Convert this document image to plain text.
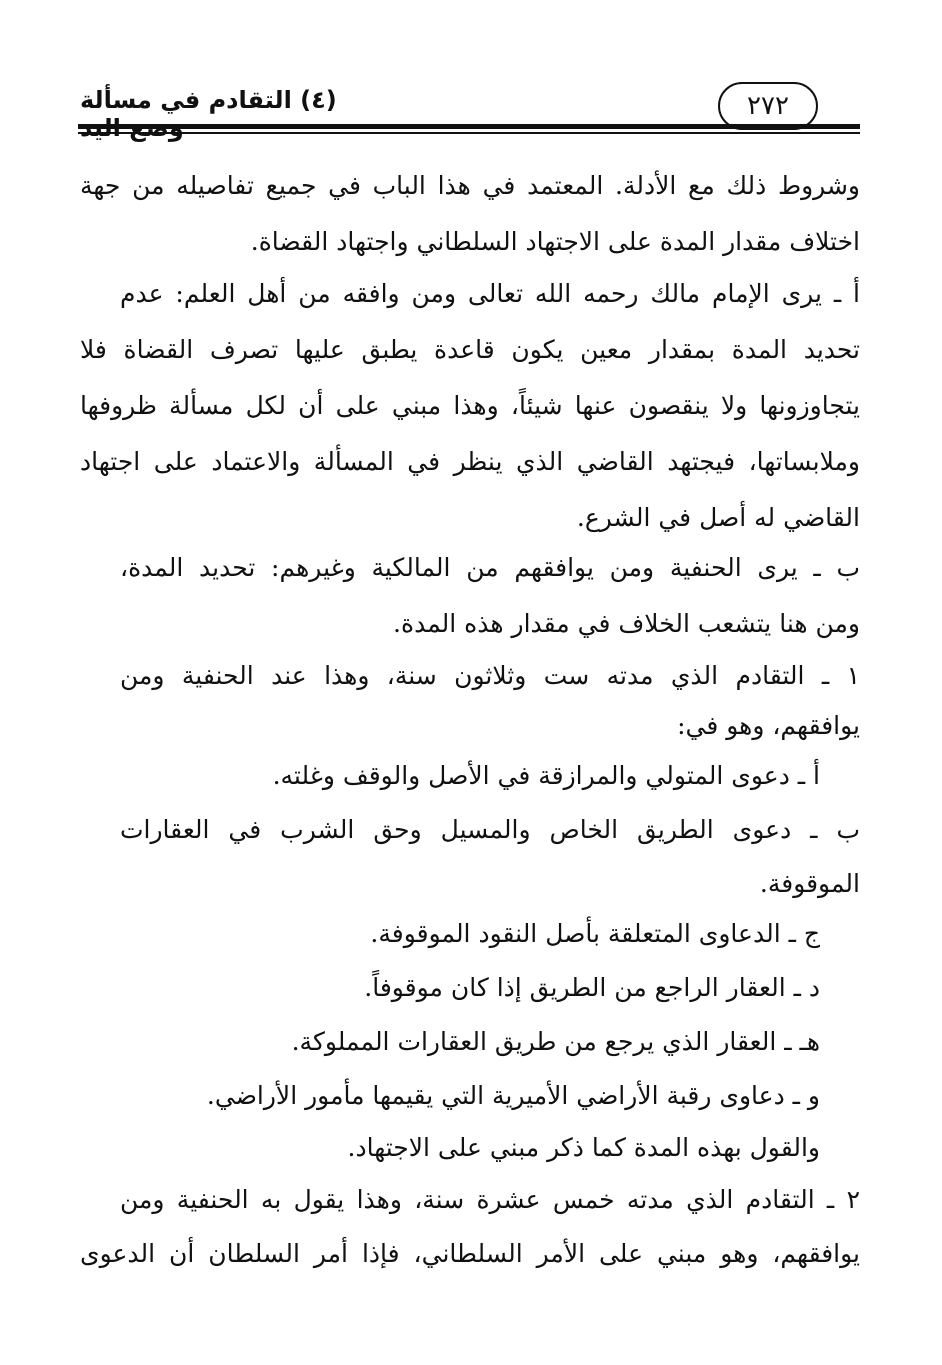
(٤) التقادم في مسألة	٢٧٢
وشروط ذلك مع الأدلة. المعتمد في هذا الباب في جميع تفاصيله من جهة
اختلاف مقدار المدة على الاجتهاد السلطاني واجتهاد القضاة.
أ ـ يرى الإمام مالك رحمه الله تعالى ومن وافقه من أهل العلم: عدم
تحديد المدة بمقدار معين يكون قاعدة يطبق عليها تصرف القضاة فلا
يتجاوزونها ولا ينقصون عنها شيئاً، وهذا مبني على أن لكل مسألة ظروفها
وملابساتها، فيجتهد القاضي الذي ينظر في المسألة والاعتماد على اجتهاد
القاضي له أصل في الشرع.
ب ـ يرى الحنفية ومن يوافقهم من المالكية وغيرهم: تحديد المدة،
ومن هنا يتشعب الخلاف في مقدار هذه المدة.
١ ـ التقادم الذي مدته ست وثلاثون سنة، وهذا عند الحنفية ومن
يوافقهم، وهو في:
أ ـ دعوى المتولي والمرازقة في الأصل والوقف وغلته.
ب ـ دعوى الطريق الخاص والمسيل وحق الشرب في العقارات
الموقوفة.
ج ـ الدعاوى المتعلقة بأصل النقود الموقوفة.
د ـ العقار الراجع من الطريق إذا كان موقوفاً.
هـ ـ العقار الذي يرجع من طريق العقارات المملوكة.
و ـ دعاوى رقبة الأراضي الأميرية التي يقيمها مأمور الأراضي.
والقول بهذه المدة كما ذكر مبني على الاجتهاد.
٢ ـ التقادم الذي مدته خمس عشرة سنة، وهذا يقول به الحنفية ومن
يوافقهم، وهو مبني على الأمر السلطاني، فإذا أمر السلطان أن الدعوى
